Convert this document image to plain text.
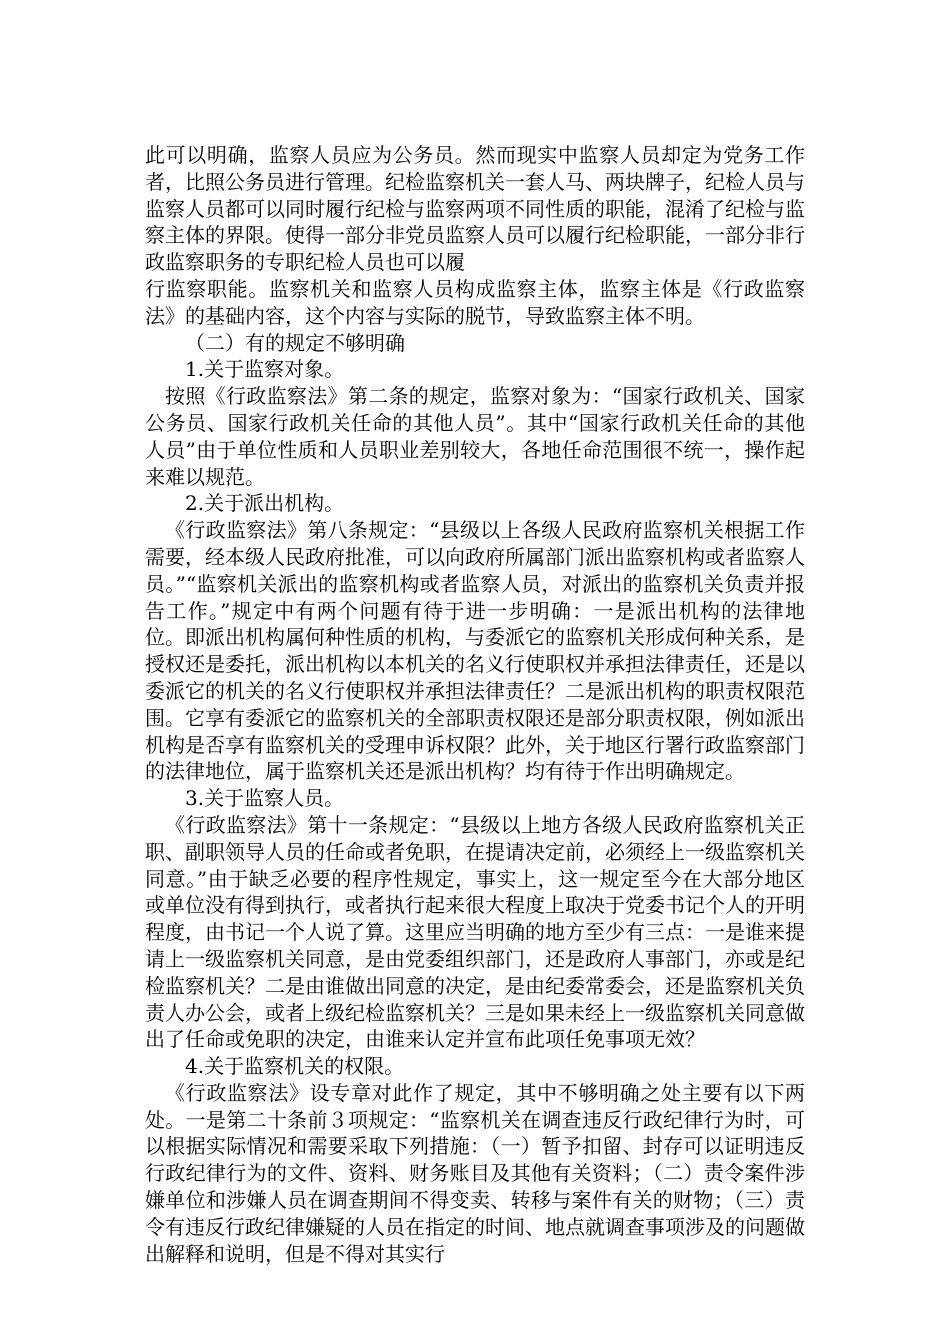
此可以明确，监察人员应为公务员。然而现实中监察人员却定为党务工作者，比照公务员进行管理。纪检监察机关一套人马、两块牌子，纪检人员与监察人员都可以同时履行纪检与监察两项不同性质的职能，混淆了纪检与监察主体的界限。使得一部分非党员监察人员可以履行纪检职能，一部分非行政监察职务的专职纪检人员也可以履

行监察职能。监察机关和监察人员构成监察主体，监察主体是《行政监察法》的基础内容，这个内容与实际的脱节，导致监察主体不明。

（二）有的规定不够明确

1.关于监察对象。

按照《行政监察法》第二条的规定，监察对象为：“国家行政机关、国家公务员、国家行政机关任命的其他人员”。其中“国家行政机关任命的其他人员”由于单位性质和人员职业差别较大，各地任命范围很不统一，操作起来难以规范。

2.关于派出机构。

《行政监察法》第八条规定：“县级以上各级人民政府监察机关根据工作需要，经本级人民政府批准，可以向政府所属部门派出监察机构或者监察人员。”“监察机关派出的监察机构或者监察人员，对派出的监察机关负责并报告工作。”规定中有两个问题有待于进一步明确：一是派出机构的法律地位。即派出机构属何种性质的机构，与委派它的监察机关形成何种关系，是授权还是委托，派出机构以本机关的名义行使职权并承担法律责任，还是以委派它的机关的名义行使职权并承担法律责任？二是派出机构的职责权限范围。它享有委派它的监察机关的全部职责权限还是部分职责权限，例如派出机构是否享有监察机关的受理申诉权限？此外，关于地区行署行政监察部门的法律地位，属于监察机关还是派出机构？均有待于作出明确规定。

3.关于监察人员。

《行政监察法》第十一条规定：“县级以上地方各级人民政府监察机关正职、副职领导人员的任命或者免职，在提请决定前，必须经上一级监察机关同意。”由于缺乏必要的程序性规定，事实上，这一规定至今在大部分地区或单位没有得到执行，或者执行起来很大程度上取决于党委书记个人的开明程度，由书记一个人说了算。这里应当明确的地方至少有三点：一是谁来提请上一级监察机关同意，是由党委组织部门，还是政府人事部门，亦或是纪检监察机关？二是由谁做出同意的决定，是由纪委常委会，还是监察机关负责人办公会，或者上级纪检监察机关？三是如果未经上一级监察机关同意做出了任命或免职的决定，由谁来认定并宣布此项任免事项无效？

4.关于监察机关的权限。

《行政监察法》设专章对此作了规定，其中不够明确之处主要有以下两处。一是第二十条前３项规定：“监察机关在调查违反行政纪律行为时，可以根据实际情况和需要采取下列措施：（一）暂予扣留、封存可以证明违反行政纪律行为的文件、资料、财务账目及其他有关资料；（二）责令案件涉嫌单位和涉嫌人员在调查期间不得变卖、转移与案件有关的财物；（三）责令有违反行政纪律嫌疑的人员在指定的时间、地点就调查事项涉及的问题做出解释和说明，但是不得对其实行
